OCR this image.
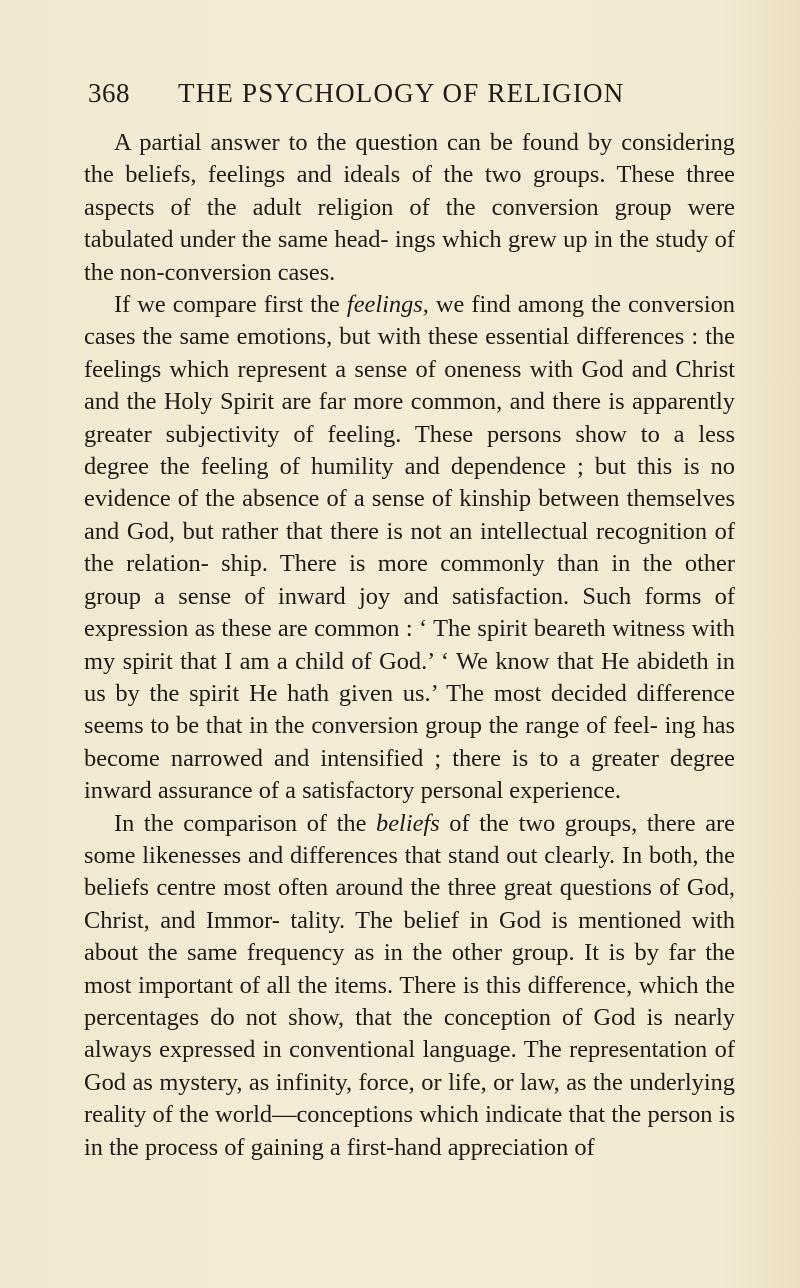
368 THE PSYCHOLOGY OF RELIGION

A partial answer to the question can be found by considering the beliefs, feelings and ideals of the two groups. These three aspects of the adult religion of the conversion group were tabulated under the same head- ings which grew up in the study of the non-conversion cases.

If we compare first the feelings, we find among the conversion cases the same emotions, but with these essential differences : the feelings which represent a sense of oneness with God and Christ and the Holy Spirit are far more common, and there is apparently greater subjectivity of feeling. These persons show to a less degree the feeling of humility and dependence ; but this is no evidence of the absence of a sense of kinship between themselves and God, but rather that there is not an intellectual recognition of the relation- ship. There is more commonly than in the other group a sense of inward joy and satisfaction. Such forms of expression as these are common : ‘ The spirit beareth witness with my spirit that I am a child of God.’ ‘ We know that He abideth in us by the spirit He hath given us.’ The most decided difference seems to be that in the conversion group the range of feel- ing has become narrowed and intensified ; there is to a greater degree inward assurance of a satisfactory personal experience.

In the comparison of the beliefs of the two groups, there are some likenesses and differences that stand out clearly. In both, the beliefs centre most often around the three great questions of God, Christ, and Immor- tality. The belief in God is mentioned with about the same frequency as in the other group. It is by far the most important of all the items. There is this difference, which the percentages do not show, that the conception of God is nearly always expressed in conventional language. The representation of God as mystery, as infinity, force, or life, or law, as the underlying reality of the world—conceptions which indicate that the person is in the process of gaining a first-hand appreciation of
